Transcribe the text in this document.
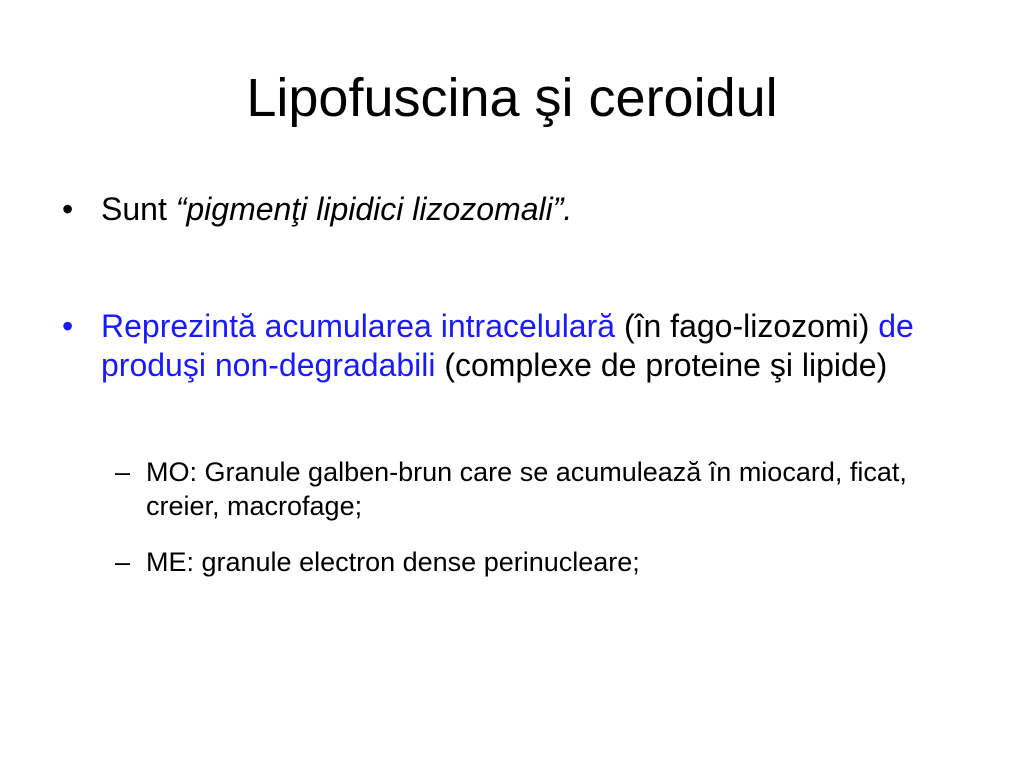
Lipofuscina şi ceroidul
• Sunt “pigmenţi lipidici lizozomali”.
• Reprezintă acumularea intracelulară (în fago-lizozomi) de produşi non-degradabili (complexe de proteine şi lipide)
– MO: Granule galben-brun care se acumulează în miocard, ficat, creier, macrofage;
– ME: granule electron dense perinucleare;
